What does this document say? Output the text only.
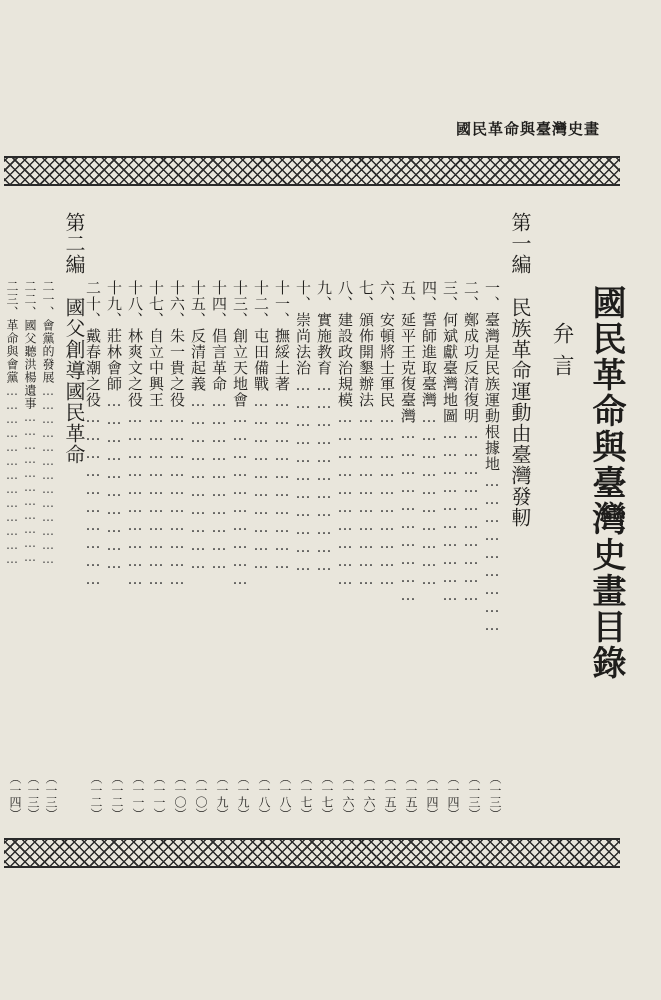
國民革命與臺灣史畫
國民革命與臺灣史畫目錄
弁言
第一編民族革命運動由臺灣發軔
第二編國父創導國民革命	一、臺灣是民族運動根據地………………………
二、鄭成功反清復明…………………………
三、何斌獻臺灣地圖…………………………
四、誓師進取臺灣…………………………
五、延平王克復臺灣…………………………
六、安頓將士軍民…………………………
七、頒佈開墾辦法…………………………
八、建設政治規模…………………………
九、實施教育……………………………
十、崇尚法治……………………………
十一、撫綏土著…………………………
十二、屯田備戰…………………………
十三、創立天地會…………………………
十四、倡言革命…………………………
十五、反清起義…………………………
十六、朱一貴之役…………………………
十七、自立中興王…………………………
十八、林爽文之役…………………………
十九、莊林會師…………………………
二十、戴春潮之役…………………………
二一、會黨的發展…………………………………
二二、國父聽洪楊遺事……………………………
二三、革命與會黨…………………………………
（一三）
（一三）
（一四）
（一四）
（一五）
（一五）
（一六）
（一六）
（一七）
（一七）
（一八）
（一八）
（一九）
（一九）
（一〇）
（一〇）
（一一）
（一一）
（一二）
（一二）
（一三）
（一三）
（一四）
